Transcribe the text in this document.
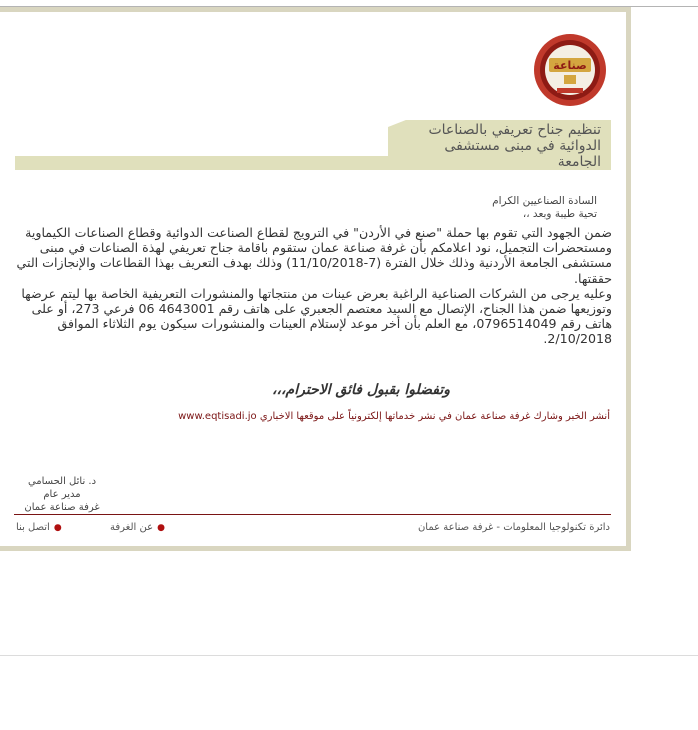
صناعة
تنظيم جناح تعريفي بالصناعات الدوائية في مبنى مستشفى الجامعة
السادة الصناعيين الكرام
تحية طيبة وبعد ،،

ضمن الجهود التي تقوم بها حملة "صنع في الأردن" في الترويج لقطاع الصناعت الدوائية وقطاع الصناعات الكيماوية ومستحضرات التجميل، نود اعلامكم بأن غرفة صناعة عمان ستقوم باقامة جناح تعريفي لهذة الصناعات في مبنى مستشفى الجامعة الأردنية وذلك خلال الفترة (7-11/10/2018) وذلك بهدف التعريف بهذا القطاعات والإنجازات التي حققتها.

وعليه يرجى من الشركات الصناعية الراغبة بعرض عينات من منتجاتها والمنشورات التعريفية الخاصة بها ليتم عرضها وتوزيعها ضمن هذا الجناح، الإتصال مع السيد معتصم الجعبري على هاتف رقم 4643001 06 فرعي 273، أو على هاتف رقم 0796514049، مع العلم بأن أخر موعد لإستلام العينات والمنشورات سيكون يوم الثلاثاء الموافق 2/10/2018.

وتفضلوا بقبول فائق الاحترام،،،
أنشر الخبر وشارك غرفة صناعة عمان في نشر خدماتها إلكترونياً على موقعها الاخباري www.eqtisadi.jo
د. نائل الحسامي
مدير عام
غرفة صناعة عمان
دائرة تكنولوجيا المعلومات - غرفة صناعة عمان
●عن الغرفة
●اتصل بنا
